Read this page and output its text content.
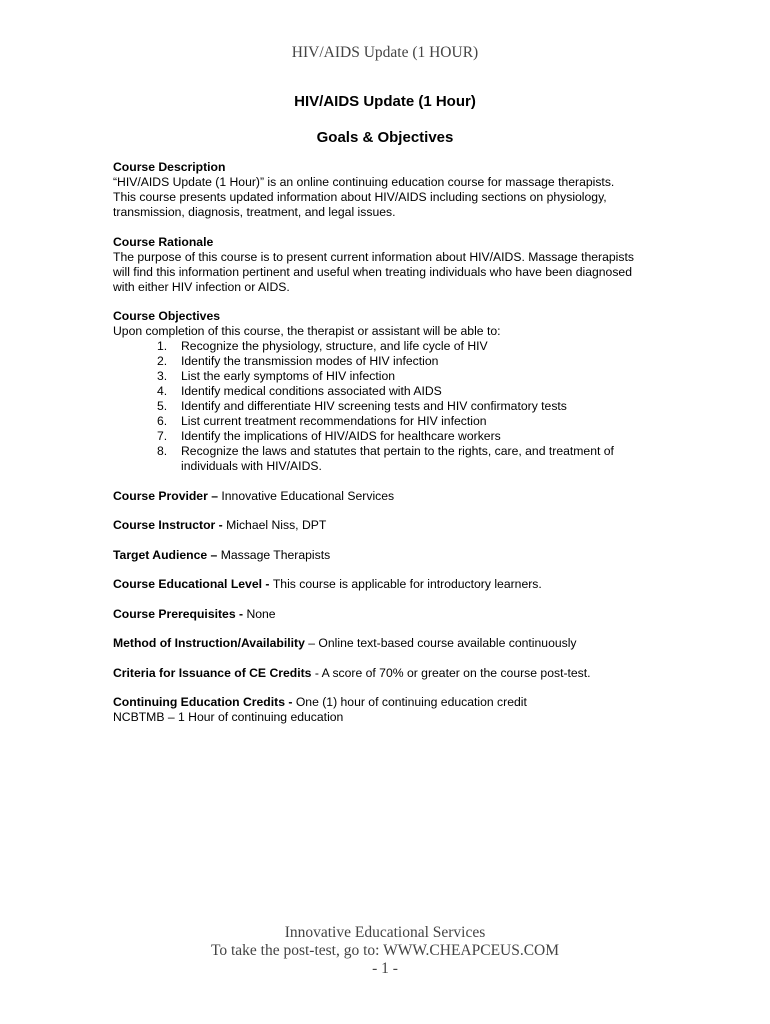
HIV/AIDS Update (1 HOUR)
HIV/AIDS Update (1 Hour)
Goals & Objectives
Course Description
“HIV/AIDS Update (1 Hour)” is an online continuing education course for massage therapists.
This course presents updated information about HIV/AIDS including sections on physiology,
transmission, diagnosis, treatment, and legal issues.
Course Rationale
The purpose of this course is to present current information about HIV/AIDS. Massage therapists
will find this information pertinent and useful when treating individuals who have been diagnosed
with either HIV infection or AIDS.
Course Objectives
Upon completion of this course, the therapist or assistant will be able to:
1. Recognize the physiology, structure, and life cycle of HIV
2. Identify the transmission modes of HIV infection
3. List the early symptoms of HIV infection
4. Identify medical conditions associated with AIDS
5. Identify and differentiate HIV screening tests and HIV confirmatory tests
6. List current treatment recommendations for HIV infection
7. Identify the implications of HIV/AIDS for healthcare workers
8. Recognize the laws and statutes that pertain to the rights, care, and treatment of
individuals with HIV/AIDS.
Course Provider – Innovative Educational Services
Course Instructor - Michael Niss, DPT
Target Audience – Massage Therapists
Course Educational Level - This course is applicable for introductory learners.
Course Prerequisites - None
Method of Instruction/Availability – Online text-based course available continuously
Criteria for Issuance of CE Credits - A score of 70% or greater on the course post-test.
Continuing Education Credits - One (1) hour of continuing education credit
NCBTMB – 1 Hour of continuing education
Innovative Educational Services
To take the post-test, go to: WWW.CHEAPCEUS.COM
- 1 -
